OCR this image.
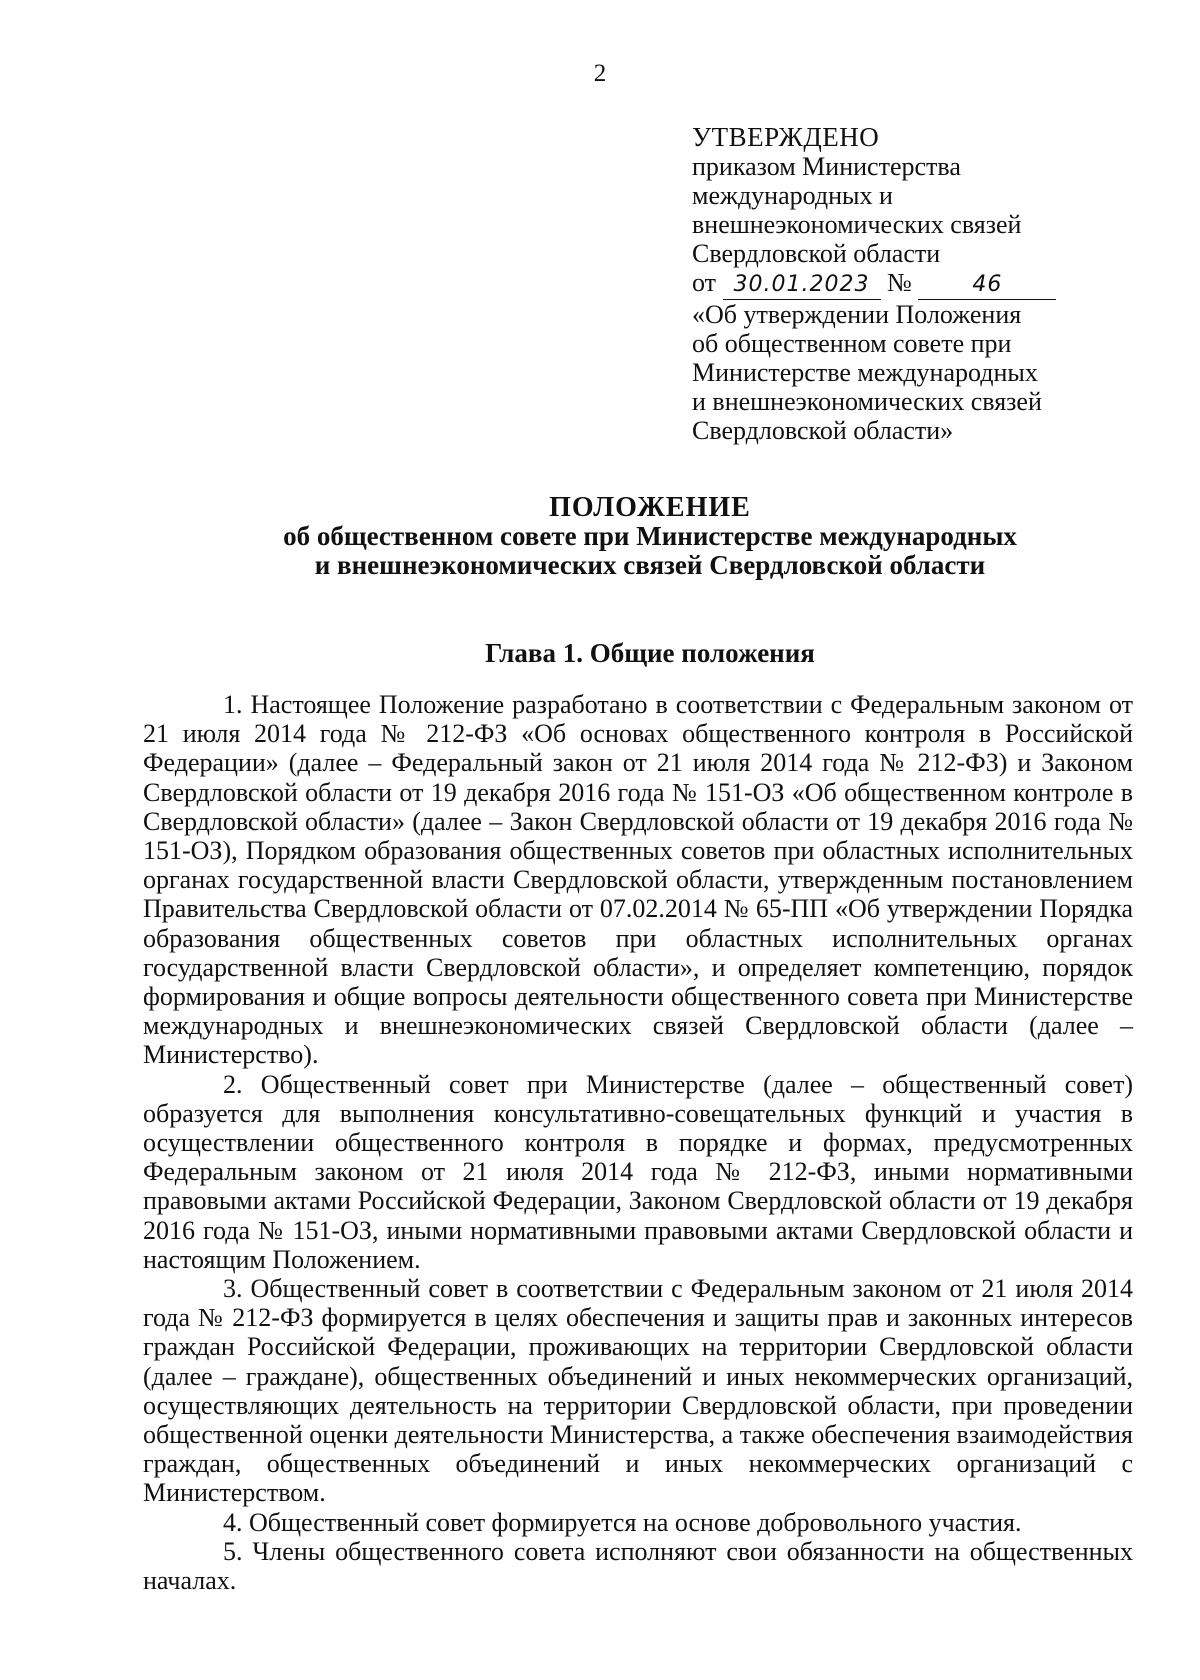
2
УТВЕРЖДЕНО
приказом Министерства
международных и
внешнеэкономических связей
Свердловской области
от 30.01.2023 №	46
«Об утверждении Положения
об общественном совете при
Министерстве международных
и внешнеэкономических связей
Свердловской области»
ПОЛОЖЕНИЕ
об общественном совете при Министерстве международных
и внешнеэкономических связей Свердловской области
Глава 1. Общие положения

1. Настоящее Положение разработано в соответствии с Федеральным законом от 21 июля 2014 года № 212-ФЗ «Об основах общественного контроля в Российской Федерации» (далее – Федеральный закон от 21 июля 2014 года № 212-ФЗ) и Законом Свердловской области от 19 декабря 2016 года № 151-ОЗ «Об общественном контроле в Свердловской области» (далее – Закон Свердловской области от 19 декабря 2016 года № 151-ОЗ), Порядком образования общественных советов при областных исполнительных органах государственной власти Свердловской области, утвержденным постановлением Правительства Свердловской области от 07.02.2014 № 65-ПП «Об утверждении Порядка образования общественных советов при областных исполнительных органах государственной власти Свердловской области», и определяет компетенцию, порядок формирования и общие вопросы деятельности общественного совета при Министерстве международных и внешнеэкономических связей Свердловской области (далее – Министерство).

2. Общественный совет при Министерстве (далее – общественный совет) образуется для выполнения консультативно-совещательных функций и участия в осуществлении общественного контроля в порядке и формах, предусмотренных Федеральным законом от 21 июля 2014 года № 212-ФЗ, иными нормативными правовыми актами Российской Федерации, Законом Свердловской области от 19 декабря 2016 года № 151-ОЗ, иными нормативными правовыми актами Свердловской области и настоящим Положением.

3. Общественный совет в соответствии с Федеральным законом от 21 июля 2014 года № 212-ФЗ формируется в целях обеспечения и защиты прав и законных интересов граждан Российской Федерации, проживающих на территории Свердловской области (далее – граждане), общественных объединений и иных некоммерческих организаций, осуществляющих деятельность на территории Свердловской области, при проведении общественной оценки деятельности Министерства, а также обеспечения взаимодействия граждан, общественных объединений и иных некоммерческих организаций с Министерством.

4. Общественный совет формируется на основе добровольного участия.

5. Члены общественного совета исполняют свои обязанности на общественных началах.
